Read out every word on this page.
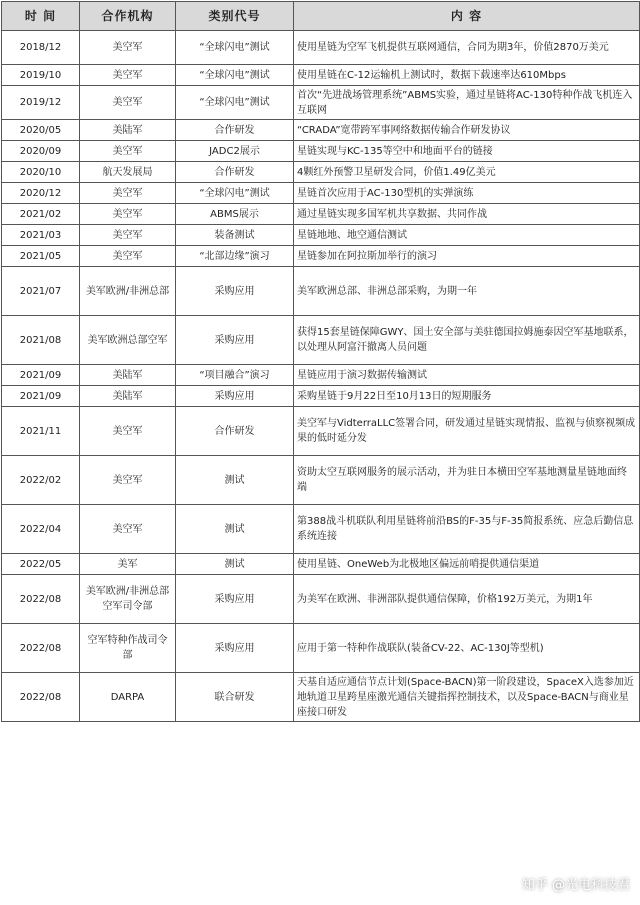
时 间	合作机构	类别代号	内 容
2018/12	美空军	“全球闪电”测试	使用星链为空军飞机提供互联网通信，合同为期3年，价值2870万美元
2019/10	美空军	“全球闪电”测试	使用星链在C-12运输机上测试时，数据下载速率达610Mbps
2019/12	美空军	“全球闪电”测试	首次“先进战场管理系统”ABMS实验，通过星链将AC-130特种作战飞机连入互联网
2020/05	美陆军	合作研发	“CRADA”宽带跨军事网络数据传输合作研发协议
2020/09	美空军	JADC2展示	星链实现与KC-135等空中和地面平台的链接
2020/10	航天发展局	合作研发	4颗红外预警卫星研发合同，价值1.49亿美元
2020/12	美空军	“全球闪电”测试	星链首次应用于AC-130型机的实弹演练
2021/02	美空军	ABMS展示	通过星链实现多国军机共享数据、共同作战
2021/03	美空军	装备测试	星链地地、地空通信测试
2021/05	美空军	“北部边缘”演习	星链参加在阿拉斯加举行的演习
2021/07	美军欧洲/非洲总部	采购应用	美军欧洲总部、非洲总部采购，为期一年
2021/08	美军欧洲总部空军	采购应用	获得15套星链保障GWY、国土安全部与美驻德国拉姆施泰因空军基地联系，以处理从阿富汗撤离人员问题
2021/09	美陆军	“项目融合”演习	星链应用于演习数据传输测试
2021/09	美陆军	采购应用	采购星链于9月22日至10月13日的短期服务
2021/11	美空军	合作研发	美空军与VidterraLLC签署合同，研发通过星链实现情报、监视与侦察视频成果的低时延分发
2022/02	美空军	测试	资助太空互联网服务的展示活动，并为驻日本横田空军基地测量星链地面终端
2022/04	美空军	测试	第388战斗机联队利用星链将前沿BS的F-35与F-35简报系统、应急后勤信息系统连接
2022/05	美军	测试	使用星链、OneWeb为北极地区偏远前哨提供通信渠道
2022/08	美军欧洲/非洲总部空军司令部	采购应用	为美军在欧洲、非洲部队提供通信保障，价格192万美元，为期1年
2022/08	空军特种作战司令部	采购应用	应用于第一特种作战联队(装备CV-22、AC-130J等型机)
2022/08	DARPA	联合研发	天基自适应通信节点计划(Space-BACN)第一阶段建设，SpaceX入选参加近地轨道卫星跨星座激光通信关键指挥控制技术，以及Space-BACN与商业星座接口研发
知乎 @光电科技君
